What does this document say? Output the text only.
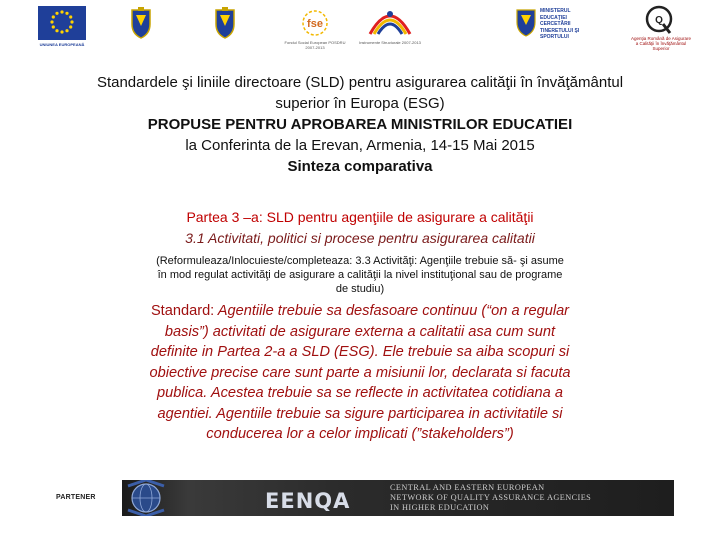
UNIUNEA EUROPEANĂ
fse
Fondul Social European POSDRU 2007-2013
Instrumente Structurale 2007-2013
MINISTERUL EDUCAŢIEI CERCETĂRII TINERETULUI ŞI SPORTULUI
Q
Agenţia Română de Asigurare a Calităţii în Învăţământul Superior
Standardele şi liniile directoare (SLD) pentru asigurarea calităţii în învăţământul
superior în Europa (ESG)
PROPUSE PENTRU APROBAREA MINISTRILOR EDUCATIEI
la Conferinta de la Erevan, Armenia, 14-15 Mai 2015
Sinteza comparativa
Partea 3 –a: SLD pentru agenţiile de asigurare a calităţii
3.1 Activitati, politici si procese pentru asigurarea calitatii
(Reformuleaza/Inlocuieste/completeaza: 3.3 Activităţi: Agenţiile trebuie să- şi asume
în mod regulat activităţi de asigurare a calităţii la nivel instituţional sau de programe
de studiu)
Standard: Agentiile trebuie sa desfasoare continuu (“on a regular
basis”) activitati de asigurare externa a calitatii asa cum sunt
definite in Partea 2-a a SLD (ESG). Ele trebuie sa aiba scopuri si
obiective precise care sunt parte a misiunii lor, declarata si facuta
publica. Acestea trebuie sa se reflecte in activitatea cotidiana a
agentiei. Agentiile trebuie sa sigure participarea in activitatile si
conducerea lor a celor implicati (”stakeholders”)
PARTENER	EENQA
CENTRAL AND EASTERN EUROPEAN
NETWORK OF QUALITY ASSURANCE AGENCIES
IN HIGHER EDUCATION
